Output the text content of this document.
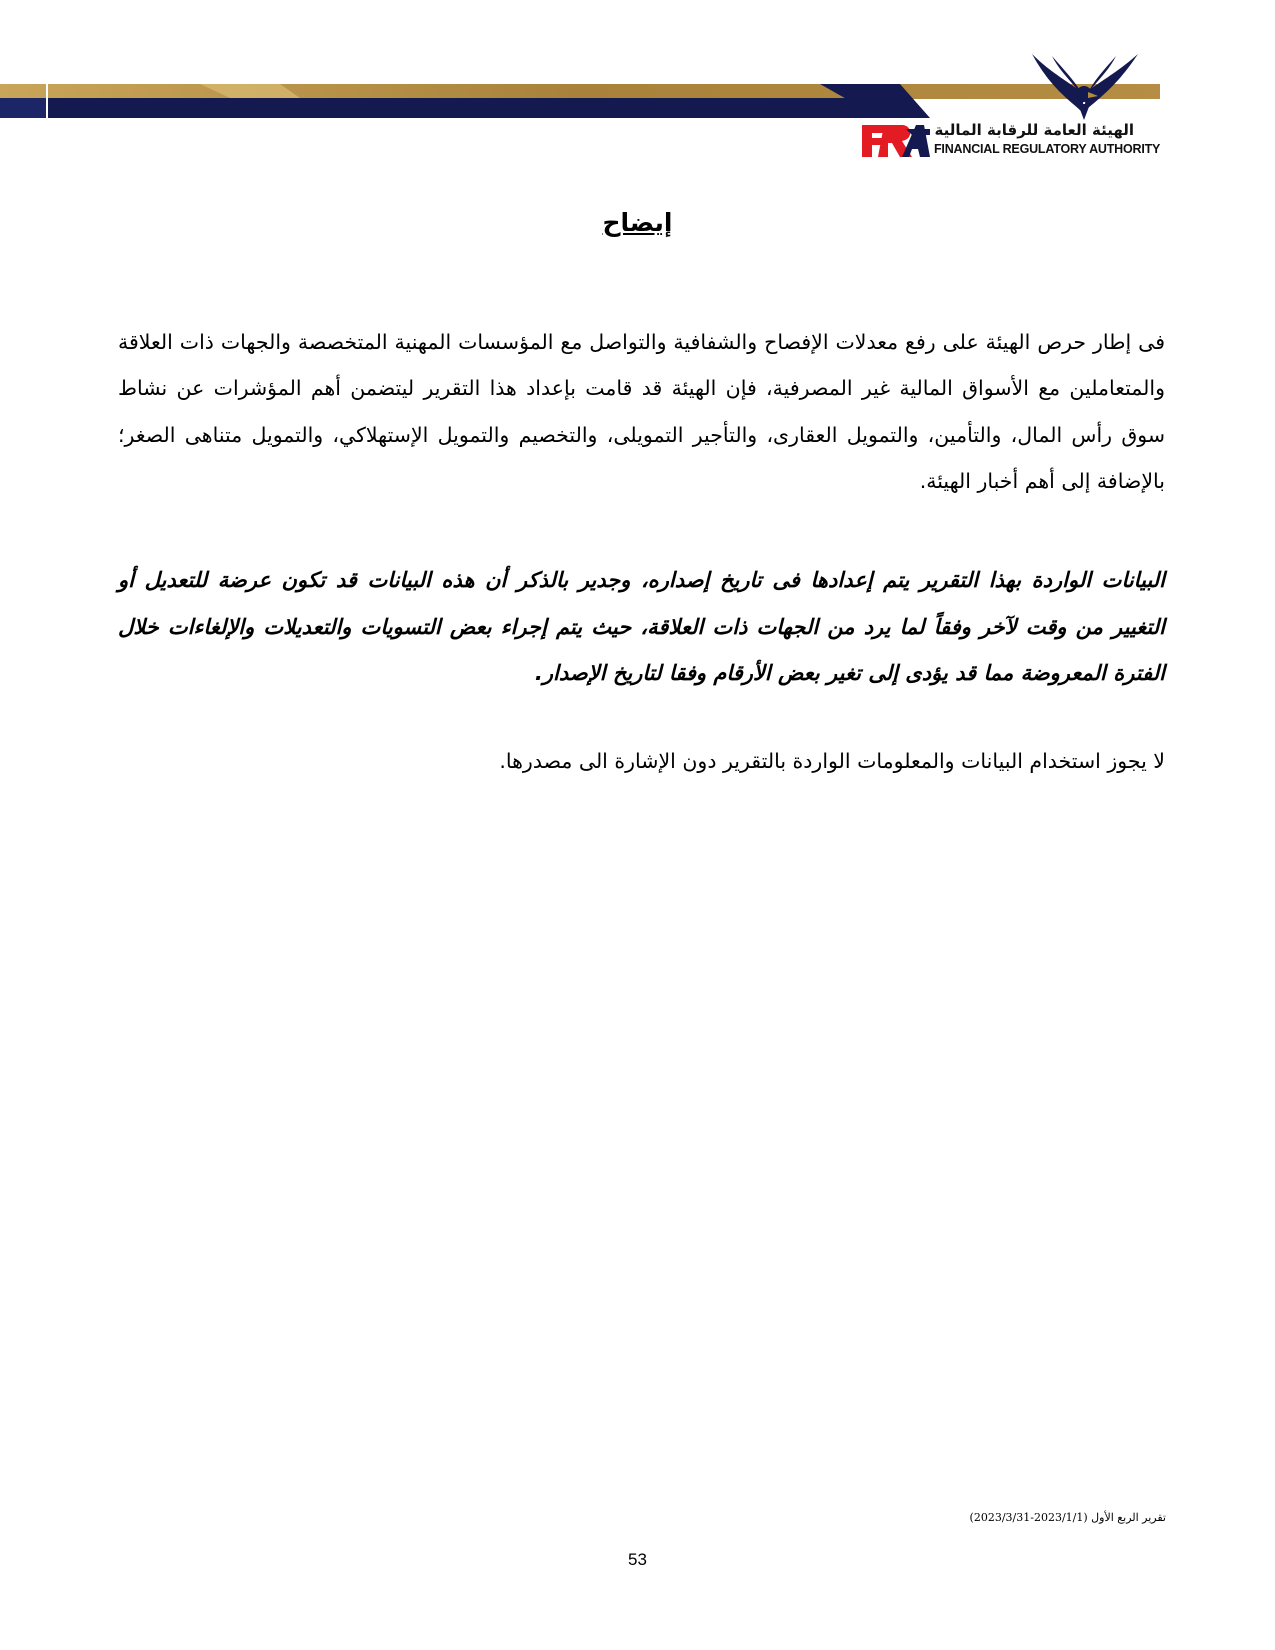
الهيئة العامة للرقابة المالية
FINANCIAL REGULATORY AUTHORITY
إيضاح

فى إطار حرص الهيئة على رفع معدلات الإفصاح والشفافية والتواصل مع المؤسسات المهنية المتخصصة والجهات ذات العلاقة والمتعاملين مع الأسواق المالية غير المصرفية، فإن الهيئة قد قامت بإعداد هذا التقرير ليتضمن أهم المؤشرات عن نشاط سوق رأس المال، والتأمين، والتمويل العقارى، والتأجير التمويلى، والتخصيم والتمويل الإستهلاكي، والتمويل متناهى الصغر؛ بالإضافة إلى أهم أخبار الهيئة.

البيانات الواردة بهذا التقرير يتم إعدادها فى تاريخ إصداره، وجدير بالذكر أن هذه البيانات قد تكون عرضة للتعديل أو التغيير من وقت لآخر وفقاً لما يرد من الجهات ذات العلاقة، حيث يتم إجراء بعض التسويات والتعديلات والإلغاءات خلال الفترة المعروضة مما قد يؤدى إلى تغير بعض الأرقام وفقا لتاريخ الإصدار.

لا يجوز استخدام البيانات والمعلومات الواردة بالتقرير دون الإشارة الى مصدرها.

تقرير الربع الأول (2023/1/1-2023/3/31)
53
